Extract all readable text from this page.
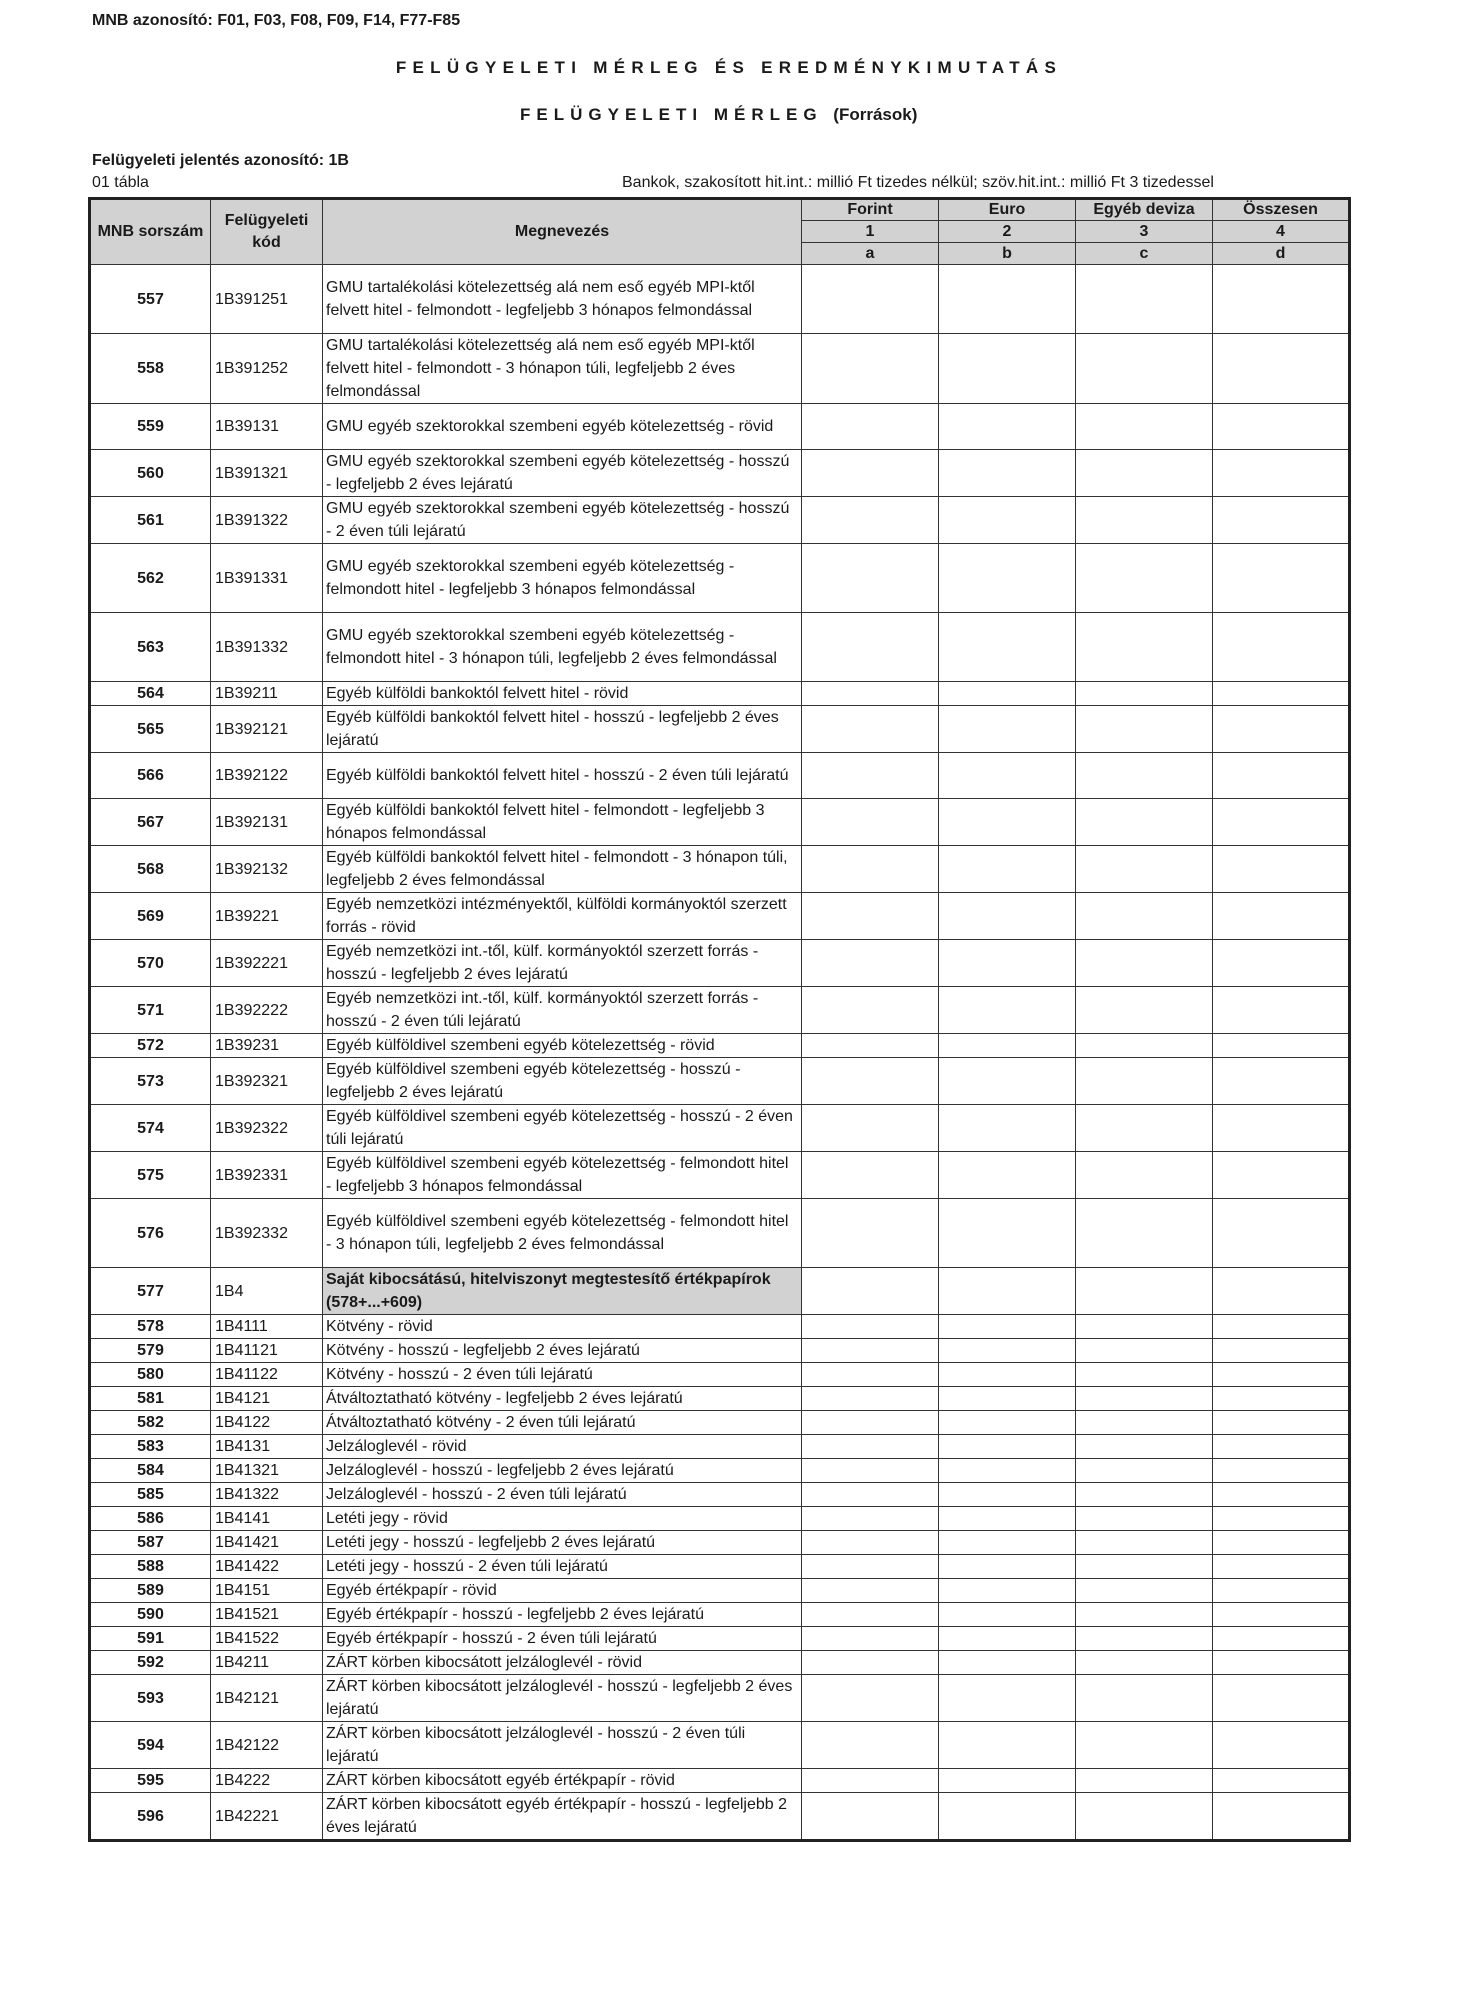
MNB azonosító: F01, F03, F08, F09, F14, F77-F85
FELÜGYELETI MÉRLEG ÉS EREDMÉNYKIMUTATÁS
FELÜGYELETI MÉRLEG (Források)
Felügyeleti jelentés azonosító: 1B
01 tábla	Bankok, szakosított hit.int.: millió Ft tizedes nélkül; szöv.hit.int.: millió Ft 3 tizedessel
MNB sorszám	Felügyeleti kód	Megnevezés	Forint	Euro	Egyéb deviza	Összesen
			1	2	3	4
			a	b	c	d
557	1B391251	GMU tartalékolási kötelezettség alá nem eső egyéb MPI-ktől felvett hitel - felmondott - legfeljebb 3 hónapos felmondással				
558	1B391252	GMU tartalékolási kötelezettség alá nem eső egyéb MPI-ktől felvett hitel - felmondott - 3 hónapon túli, legfeljebb 2 éves felmondással				
559	1B39131	GMU egyéb szektorokkal szembeni egyéb kötelezettség - rövid				
560	1B391321	GMU egyéb szektorokkal szembeni egyéb kötelezettség - hosszú - legfeljebb 2 éves lejáratú				
561	1B391322	GMU egyéb szektorokkal szembeni egyéb kötelezettség - hosszú - 2 éven túli lejáratú				
562	1B391331	GMU egyéb szektorokkal szembeni egyéb kötelezettség - felmondott hitel - legfeljebb 3 hónapos felmondással				
563	1B391332	GMU egyéb szektorokkal szembeni egyéb kötelezettség - felmondott hitel - 3 hónapon túli, legfeljebb 2 éves felmondással				
564	1B39211	Egyéb külföldi bankoktól felvett hitel - rövid				
565	1B392121	Egyéb külföldi bankoktól felvett hitel - hosszú - legfeljebb 2 éves lejáratú				
566	1B392122	Egyéb külföldi bankoktól felvett hitel - hosszú - 2 éven túli lejáratú				
567	1B392131	Egyéb külföldi bankoktól felvett hitel - felmondott - legfeljebb 3 hónapos felmondással				
568	1B392132	Egyéb külföldi bankoktól felvett hitel - felmondott - 3 hónapon túli, legfeljebb 2 éves felmondással				
569	1B39221	Egyéb nemzetközi intézményektől, külföldi kormányoktól szerzett forrás - rövid				
570	1B392221	Egyéb nemzetközi int.-től, külf. kormányoktól szerzett forrás - hosszú - legfeljebb 2 éves lejáratú				
571	1B392222	Egyéb nemzetközi int.-től, külf. kormányoktól szerzett forrás - hosszú - 2 éven túli lejáratú				
572	1B39231	Egyéb külföldivel szembeni egyéb kötelezettség - rövid				
573	1B392321	Egyéb külföldivel szembeni egyéb kötelezettség - hosszú - legfeljebb 2 éves lejáratú				
574	1B392322	Egyéb külföldivel szembeni egyéb kötelezettség - hosszú - 2 éven túli lejáratú				
575	1B392331	Egyéb külföldivel szembeni egyéb kötelezettség - felmondott hitel - legfeljebb 3 hónapos felmondással				
576	1B392332	Egyéb külföldivel szembeni egyéb kötelezettség - felmondott hitel - 3 hónapon túli, legfeljebb 2 éves felmondással				
577	1B4	Saját kibocsátású, hitelviszonyt megtestesítő értékpapírok (578+...+609)				
578	1B4111	Kötvény - rövid				
579	1B41121	Kötvény - hosszú - legfeljebb 2 éves lejáratú				
580	1B41122	Kötvény - hosszú - 2 éven túli lejáratú				
581	1B4121	Átváltoztatható kötvény - legfeljebb 2 éves lejáratú				
582	1B4122	Átváltoztatható kötvény - 2 éven túli lejáratú				
583	1B4131	Jelzáloglevél - rövid				
584	1B41321	Jelzáloglevél - hosszú - legfeljebb 2 éves lejáratú				
585	1B41322	Jelzáloglevél - hosszú - 2 éven túli lejáratú				
586	1B4141	Letéti jegy - rövid				
587	1B41421	Letéti jegy - hosszú - legfeljebb 2 éves lejáratú				
588	1B41422	Letéti jegy - hosszú - 2 éven túli lejáratú				
589	1B4151	Egyéb értékpapír - rövid				
590	1B41521	Egyéb értékpapír - hosszú - legfeljebb 2 éves lejáratú				
591	1B41522	Egyéb értékpapír - hosszú - 2 éven túli lejáratú				
592	1B4211	ZÁRT körben kibocsátott jelzáloglevél - rövid				
593	1B42121	ZÁRT körben kibocsátott jelzáloglevél - hosszú - legfeljebb 2 éves lejáratú				
594	1B42122	ZÁRT körben kibocsátott jelzáloglevél - hosszú - 2 éven túli lejáratú				
595	1B4222	ZÁRT körben kibocsátott egyéb értékpapír - rövid				
596	1B42221	ZÁRT körben kibocsátott egyéb értékpapír - hosszú - legfeljebb 2 éves lejáratú				
